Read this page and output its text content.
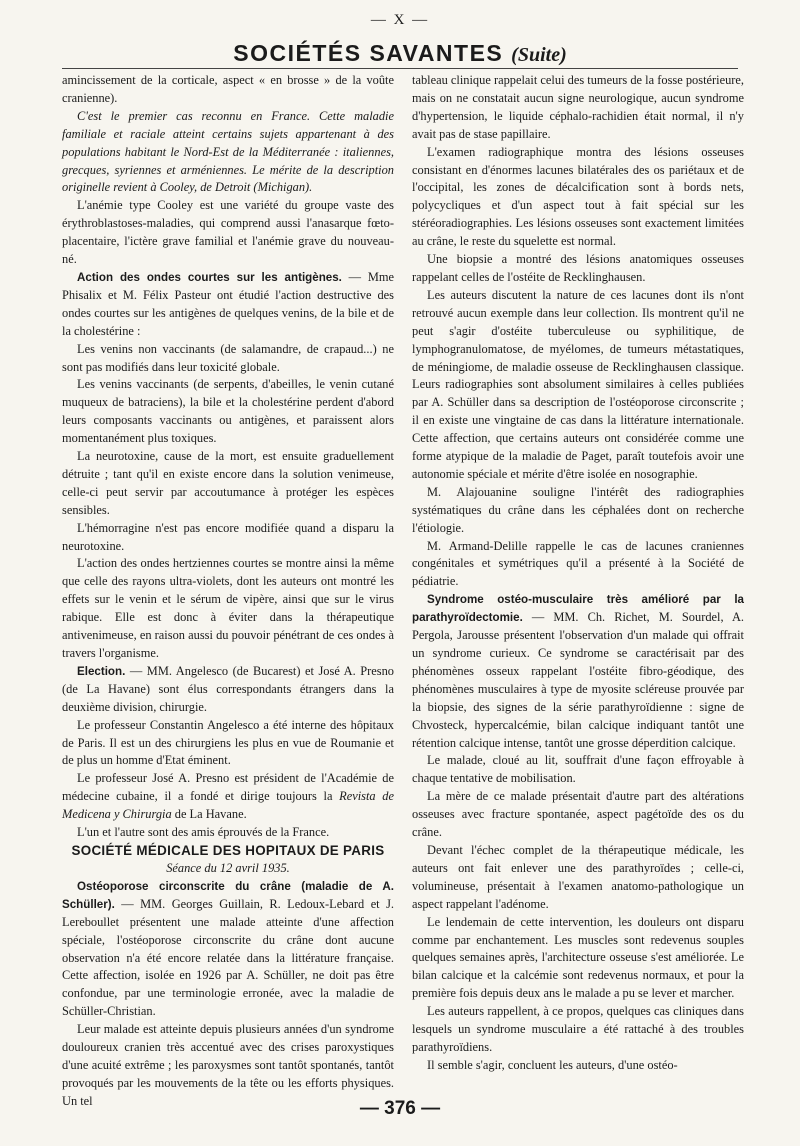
— X —
SOCIÉTÉS SAVANTES (Suite)

amincissement de la corticale, aspect « en brosse » de la voûte cranienne).

C'est le premier cas reconnu en France. Cette maladie familiale et raciale atteint certains sujets appartenant à des populations habitant le Nord-Est de la Méditerranée : italiennes, grecques, syriennes et arméniennes. Le mérite de la description originelle revient à Cooley, de Detroit (Michigan).

L'anémie type Cooley est une variété du groupe vaste des érythroblastoses-maladies, qui comprend aussi l'anasarque fœto-placentaire, l'ictère grave familial et l'anémie grave du nouveau-né.

Action des ondes courtes sur les antigènes. — Mme Phisalix et M. Félix Pasteur ont étudié l'action destructive des ondes courtes sur les antigènes de quelques venins, de la bile et de la cholestérine :

Les venins non vaccinants (de salamandre, de crapaud...) ne sont pas modifiés dans leur toxicité globale.

Les venins vaccinants (de serpents, d'abeilles, le venin cutané muqueux de batraciens), la bile et la cholestérine perdent d'abord leurs composants vaccinants ou antigènes, et paraissent alors momentanément plus toxiques.

La neurotoxine, cause de la mort, est ensuite graduellement détruite ; tant qu'il en existe encore dans la solution venimeuse, celle-ci peut servir par accoutumance à protéger les espèces sensibles.

L'hémorragine n'est pas encore modifiée quand a disparu la neurotoxine.

L'action des ondes hertziennes courtes se montre ainsi la même que celle des rayons ultra-violets, dont les auteurs ont montré les effets sur le venin et le sérum de vipère, ainsi que sur le virus rabique. Elle est donc à éviter dans la thérapeutique antivenimeuse, en raison aussi du pouvoir pénétrant de ces ondes à travers l'organisme.

Election. — MM. Angelesco (de Bucarest) et José A. Presno (de La Havane) sont élus correspondants étrangers dans la deuxième division, chirurgie.

Le professeur Constantin Angelesco a été interne des hôpitaux de Paris. Il est un des chirurgiens les plus en vue de Roumanie et de plus un homme d'Etat éminent.

Le professeur José A. Presno est président de l'Académie de médecine cubaine, il a fondé et dirige toujours la Revista de Medicena y Chirurgia de La Havane.

L'un et l'autre sont des amis éprouvés de la France.

SOCIÉTÉ MÉDICALE DES HOPITAUX DE PARIS

Séance du 12 avril 1935.

Ostéoporose circonscrite du crâne (maladie de A. Schüller). — MM. Georges Guillain, R. Ledoux-Lebard et J. Lereboullet présentent une malade atteinte d'une affection spéciale, l'ostéoporose circonscrite du crâne dont aucune observation n'a été encore relatée dans la littérature française. Cette affection, isolée en 1926 par A. Schüller, ne doit pas être confondue, par une terminologie erronée, avec la maladie de Schüller-Christian.

Leur malade est atteinte depuis plusieurs années d'un syndrome douloureux cranien très accentué avec des crises paroxystiques d'une acuité extrême ; les paroxysmes sont tantôt spontanés, tantôt provoqués par les mouvements de la tête ou les efforts physiques. Un tel

tableau clinique rappelait celui des tumeurs de la fosse postérieure, mais on ne constatait aucun signe neurologique, aucun syndrome d'hypertension, le liquide céphalo-rachidien était normal, il n'y avait pas de stase papillaire.

L'examen radiographique montra des lésions osseuses consistant en d'énormes lacunes bilatérales des os pariétaux et de l'occipital, les zones de décalcification sont à bords nets, polycycliques et d'un aspect tout à fait spécial sur les stéréoradiographies. Les lésions osseuses sont exactement limitées au crâne, le reste du squelette est normal.

Une biopsie a montré des lésions anatomiques osseuses rappelant celles de l'ostéite de Recklinghausen.

Les auteurs discutent la nature de ces lacunes dont ils n'ont retrouvé aucun exemple dans leur collection. Ils montrent qu'il ne peut s'agir d'ostéite tuberculeuse ou syphilitique, de lymphogranulomatose, de myélomes, de tumeurs métastatiques, de méningiome, de maladie osseuse de Recklinghausen classique. Leurs radiographies sont absolument similaires à celles publiées par A. Schüller dans sa description de l'ostéoporose circonscrite ; il en existe une vingtaine de cas dans la littérature internationale. Cette affection, que certains auteurs ont considérée comme une forme atypique de la maladie de Paget, paraît toutefois avoir une autonomie spéciale et mérite d'être isolée en nosographie.

M. Alajouanine souligne l'intérêt des radiographies systématiques du crâne dans les céphalées dont on recherche l'étiologie.

M. Armand-Delille rappelle le cas de lacunes craniennes congénitales et symétriques qu'il a présenté à la Société de pédiatrie.

Syndrome ostéo-musculaire très amélioré par la parathyroïdectomie. — MM. Ch. Richet, M. Sourdel, A. Pergola, Jarousse présentent l'observation d'un malade qui offrait un syndrome curieux. Ce syndrome se caractérisait par des phénomènes osseux rappelant l'ostéite fibro-géodique, des phénomènes musculaires à type de myosite scléreuse prouvée par la biopsie, des signes de la série parathyroïdienne : signe de Chvosteck, hypercalcémie, bilan calcique indiquant tantôt une rétention calcique intense, tantôt une grosse déperdition calcique.

Le malade, cloué au lit, souffrait d'une façon effroyable à chaque tentative de mobilisation.

La mère de ce malade présentait d'autre part des altérations osseuses avec fracture spontanée, aspect pagétoïde des os du crâne.

Devant l'échec complet de la thérapeutique médicale, les auteurs ont fait enlever une des parathyroïdes ; celle-ci, volumineuse, présentait à l'examen anatomo-pathologique un aspect rappelant l'adénome.

Le lendemain de cette intervention, les douleurs ont disparu comme par enchantement. Les muscles sont redevenus souples quelques semaines après, l'architecture osseuse s'est améliorée. Le bilan calcique et la calcémie sont redevenus normaux, et pour la première fois depuis deux ans le malade a pu se lever et marcher.

Les auteurs rappellent, à ce propos, quelques cas cliniques dans lesquels un syndrome musculaire a été rattaché à des troubles parathyroïdiens.

Il semble s'agir, concluent les auteurs, d'une ostéo-

— 376 —
